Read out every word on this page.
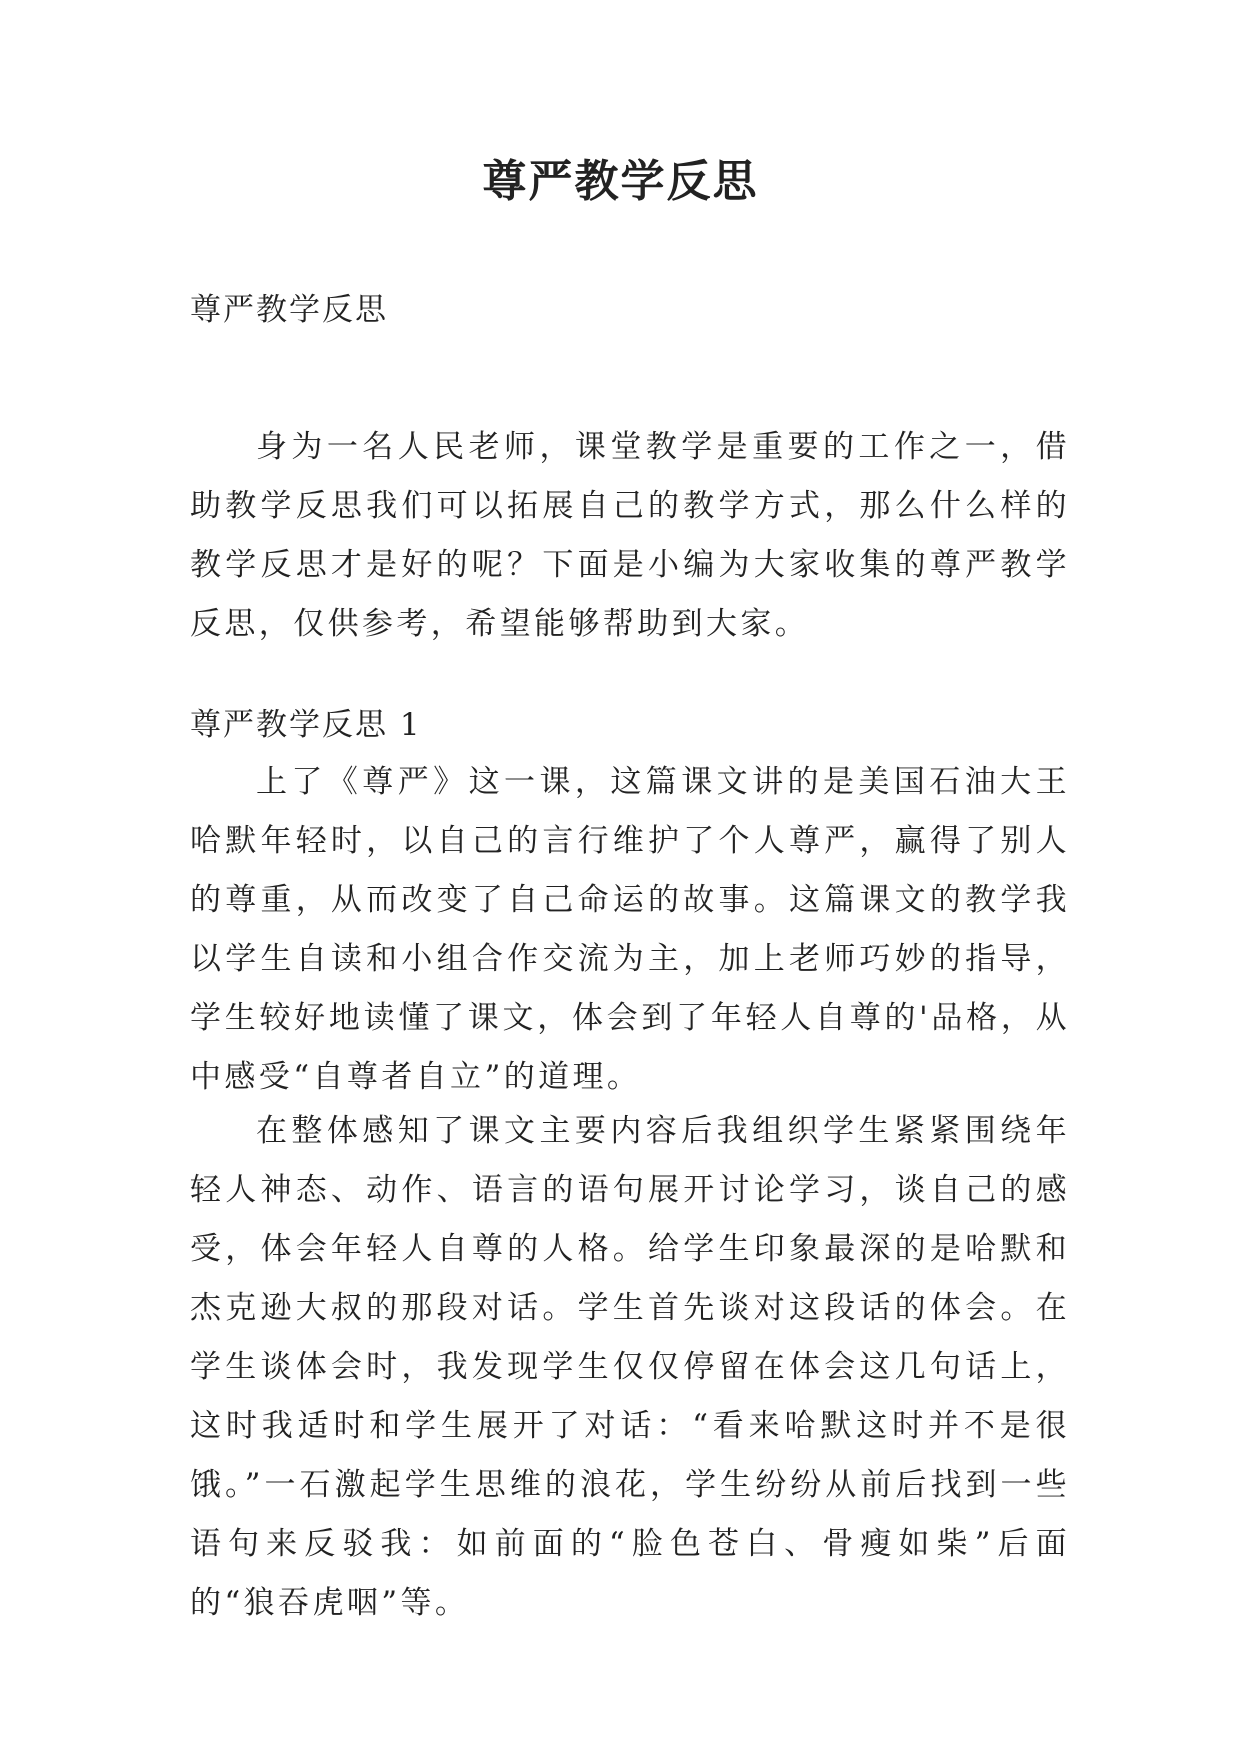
尊严教学反思
尊严教学反思

身为一名人民老师，课堂教学是重要的工作之一，借助教学反思我们可以拓展自己的教学方式，那么什么样的教学反思才是好的呢？下面是小编为大家收集的尊严教学反思，仅供参考，希望能够帮助到大家。

尊严教学反思 1

上了《尊严》这一课，这篇课文讲的是美国石油大王哈默年轻时，以自己的言行维护了个人尊严，赢得了别人的尊重，从而改变了自己命运的故事。这篇课文的教学我以学生自读和小组合作交流为主，加上老师巧妙的指导，学生较好地读懂了课文，体会到了年轻人自尊的'品格，从中感受“自尊者自立”的道理。

在整体感知了课文主要内容后我组织学生紧紧围绕年轻人神态、动作、语言的语句展开讨论学习，谈自己的感受，体会年轻人自尊的人格。给学生印象最深的是哈默和杰克逊大叔的那段对话。学生首先谈对这段话的体会。在学生谈体会时，我发现学生仅仅停留在体会这几句话上，这时我适时和学生展开了对话：“看来哈默这时并不是很饿。”一石激起学生思维的浪花，学生纷纷从前后找到一些语句来反驳我：如前面的“脸色苍白、骨瘦如柴”后面的“狼吞虎咽”等。
